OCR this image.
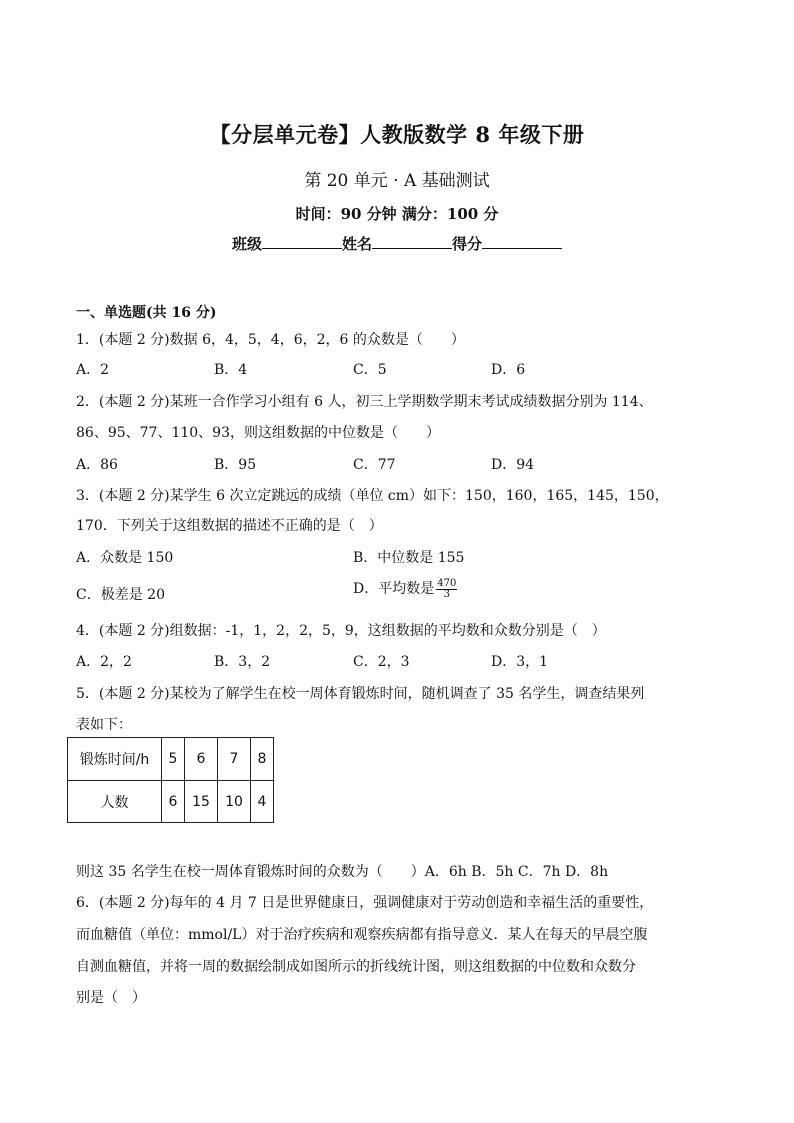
【分层单元卷】人教版数学 8 年级下册
第 20 单元 · A 基础测试
时间：90 分钟 满分：100 分
班级	姓名	得分
一、单选题(共 16 分)
1．(本题 2 分)数据 6，4，5，4，6，2，6 的众数是（　　）
A．2	B．4	C．5	D．6
2．(本题 2 分)某班一合作学习小组有 6 人，初三上学期数学期末考试成绩数据分别为 114、
86、95、77、110、93，则这组数据的中位数是（　　）
A．86	B．95	C．77	D．94
3．(本题 2 分)某学生 6 次立定跳远的成绩（单位 cm）如下：150，160，165，145，150，
170．下列关于这组数据的描述不正确的是（　）
A．众数是 150	B．中位数是 155
C．极差是 20	D．平均数是 $\frac{470}{3}$
4．(本题 2 分)组数据：-1，1，2，2，5，9，这组数据的平均数和众数分别是（　）
A．2，2	B．3，2	C．2，3	D．3，1
5．(本题 2 分)某校为了解学生在校一周体育锻炼时间，随机调查了 35 名学生，调查结果列
表如下：
锻炼时间/h	5	6	7	8
人数	6	15	10	4
则这 35 名学生在校一周体育锻炼时间的众数为（　　）A．6h B．5h C．7h D．8h
6．(本题 2 分)每年的 4 月 7 日是世界健康日，强调健康对于劳动创造和幸福生活的重要性，
而血糖值（单位：mmol/L）对于治疗疾病和观察疾病都有指导意义．某人在每天的早晨空腹
自测血糖值，并将一周的数据绘制成如图所示的折线统计图，则这组数据的中位数和众数分
别是（　）
